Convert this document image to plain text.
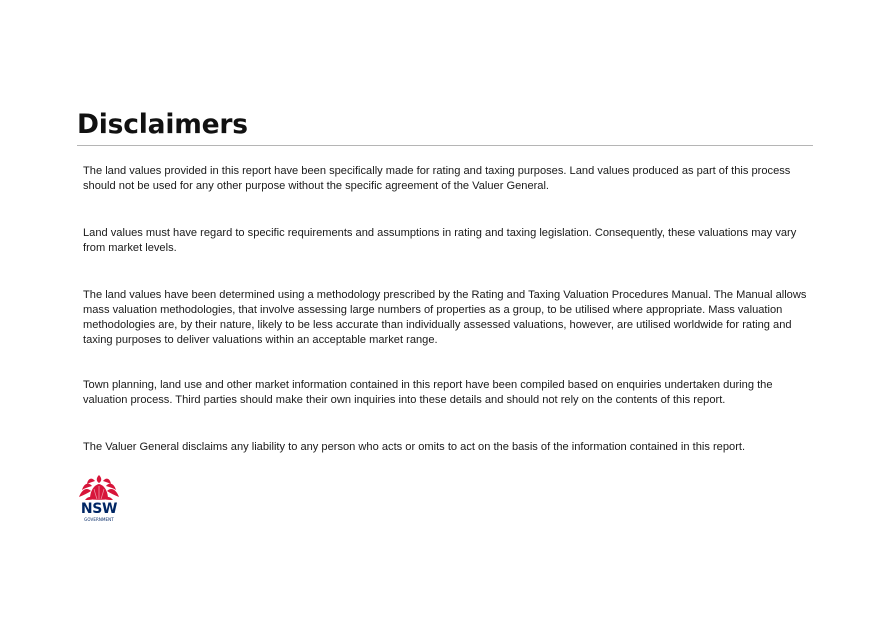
Disclaimers

The land values provided in this report have been specifically made for rating and taxing purposes. Land values produced as part of this process should not be used for any other purpose without the specific agreement of the Valuer General.

Land values must have regard to specific requirements and assumptions in rating and taxing legislation. Consequently, these valuations may vary from market levels.

The land values have been determined using a methodology prescribed by the Rating and Taxing Valuation Procedures Manual. The Manual allows mass valuation methodologies, that involve assessing large numbers of properties as a group, to be utilised where appropriate. Mass valuation methodologies are, by their nature, likely to be less accurate than individually assessed valuations, however, are utilised worldwide for rating and taxing purposes to deliver valuations within an acceptable market range.

Town planning, land use and other market information contained in this report have been compiled based on enquiries undertaken during the valuation process. Third parties should make their own inquiries into these details and should not rely on the contents of this report.

The Valuer General disclaims any liability to any person who acts or omits to act on the basis of the information contained in this report.

NSW
GOVERNMENT
